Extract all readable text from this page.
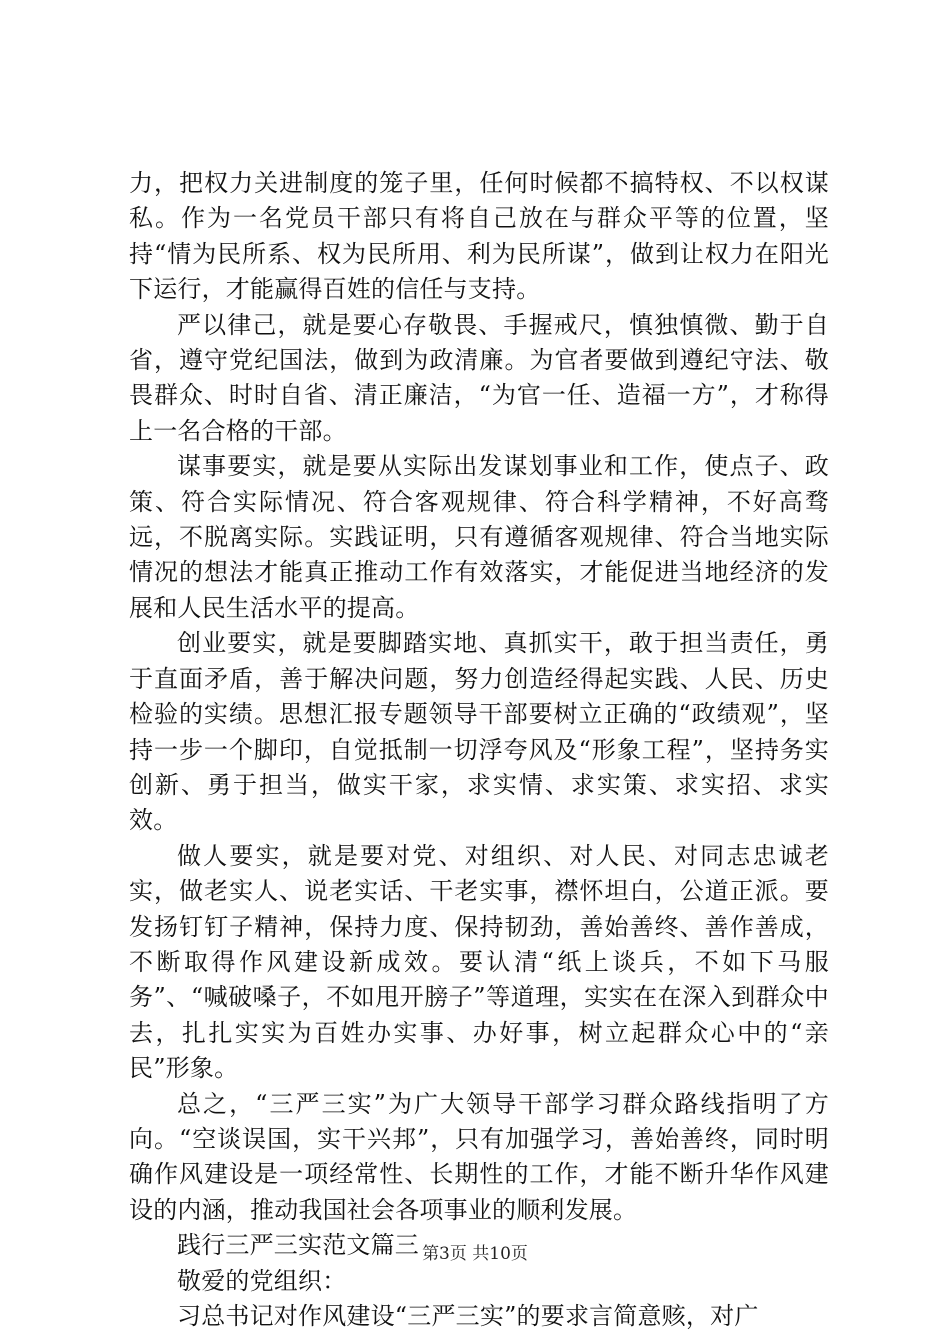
力，把权力关进制度的笼子里，任何时候都不搞特权、不以权谋私。作为一名党员干部只有将自己放在与群众平等的位置，坚持“情为民所系、权为民所用、利为民所谋”，做到让权力在阳光下运行，才能赢得百姓的信任与支持。

严以律己，就是要心存敬畏、手握戒尺，慎独慎微、勤于自省，遵守党纪国法，做到为政清廉。为官者要做到遵纪守法、敬畏群众、时时自省、清正廉洁，“为官一任、造福一方”，才称得上一名合格的干部。

谋事要实，就是要从实际出发谋划事业和工作，使点子、政策、符合实际情况、符合客观规律、符合科学精神，不好高骛远，不脱离实际。实践证明，只有遵循客观规律、符合当地实际情况的想法才能真正推动工作有效落实，才能促进当地经济的发展和人民生活水平的提高。

创业要实，就是要脚踏实地、真抓实干，敢于担当责任，勇于直面矛盾，善于解决问题，努力创造经得起实践、人民、历史检验的实绩。思想汇报专题领导干部要树立正确的“政绩观”，坚持一步一个脚印，自觉抵制一切浮夸风及“形象工程”，坚持务实创新、勇于担当，做实干家，求实情、求实策、求实招、求实效。

做人要实，就是要对党、对组织、对人民、对同志忠诚老实，做老实人、说老实话、干老实事，襟怀坦白，公道正派。要发扬钉钉子精神，保持力度、保持韧劲，善始善终、善作善成，不断取得作风建设新成效。要认清“纸上谈兵，不如下马服务”、“喊破嗓子，不如甩开膀子”等道理，实实在在深入到群众中去，扎扎实实为百姓办实事、办好事，树立起群众心中的“亲民”形象。

总之，“三严三实”为广大领导干部学习群众路线指明了方向。“空谈误国，实干兴邦”，只有加强学习，善始善终，同时明确作风建设是一项经常性、长期性的工作，才能不断升华作风建设的内涵，推动我国社会各项事业的顺利发展。

践行三严三实范文篇三

敬爱的党组织：

习总书记对作风建设“三严三实”的要求言简意赅，对广

第3页 共10页
